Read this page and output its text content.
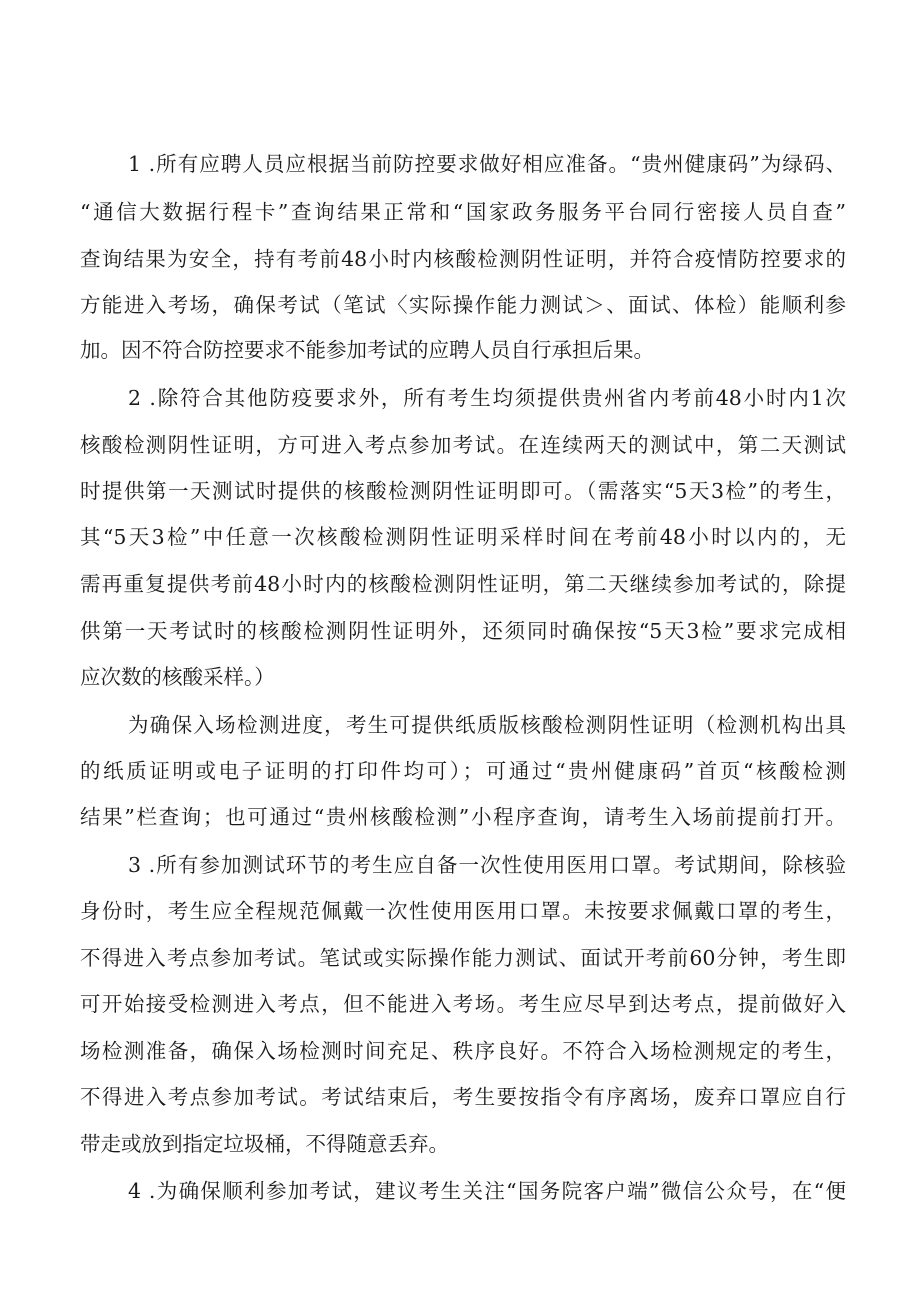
1 .所有应聘人员应根据当前防控要求做好相应准备。“贵州健康码”为绿码、
“通信大数据行程卡”查询结果正常和“国家政务服务平台同行密接人员自查”
查询结果为安全，持有考前48小时内核酸检测阴性证明，并符合疫情防控要求的
方能进入考场，确保考试（笔试〈实际操作能力测试＞、面试、体检）能顺利参
加。因不符合防控要求不能参加考试的应聘人员自行承担后果。
2 .除符合其他防疫要求外，所有考生均须提供贵州省内考前48小时内1次
核酸检测阴性证明，方可进入考点参加考试。在连续两天的测试中，第二天测试
时提供第一天测试时提供的核酸检测阴性证明即可。（需落实“5天3检”的考生，
其“5天3检”中任意一次核酸检测阴性证明采样时间在考前48小时以内的，无
需再重复提供考前48小时内的核酸检测阴性证明，第二天继续参加考试的，除提
供第一天考试时的核酸检测阴性证明外，还须同时确保按“5天3检”要求完成相
应次数的核酸采样。）
为确保入场检测进度，考生可提供纸质版核酸检测阴性证明（检测机构出具
的纸质证明或电子证明的打印件均可）；可通过“贵州健康码”首页“核酸检测
结果”栏查询；也可通过“贵州核酸检测”小程序查询，请考生入场前提前打开。
3 .所有参加测试环节的考生应自备一次性使用医用口罩。考试期间，除核验
身份时，考生应全程规范佩戴一次性使用医用口罩。未按要求佩戴口罩的考生，
不得进入考点参加考试。笔试或实际操作能力测试、面试开考前60分钟，考生即
可开始接受检测进入考点，但不能进入考场。考生应尽早到达考点，提前做好入
场检测准备，确保入场检测时间充足、秩序良好。不符合入场检测规定的考生，
不得进入考点参加考试。考试结束后，考生要按指令有序离场，废弃口罩应自行
带走或放到指定垃圾桶，不得随意丢弃。
4 .为确保顺利参加考试，建议考生关注“国务院客户端”微信公众号，在“便
